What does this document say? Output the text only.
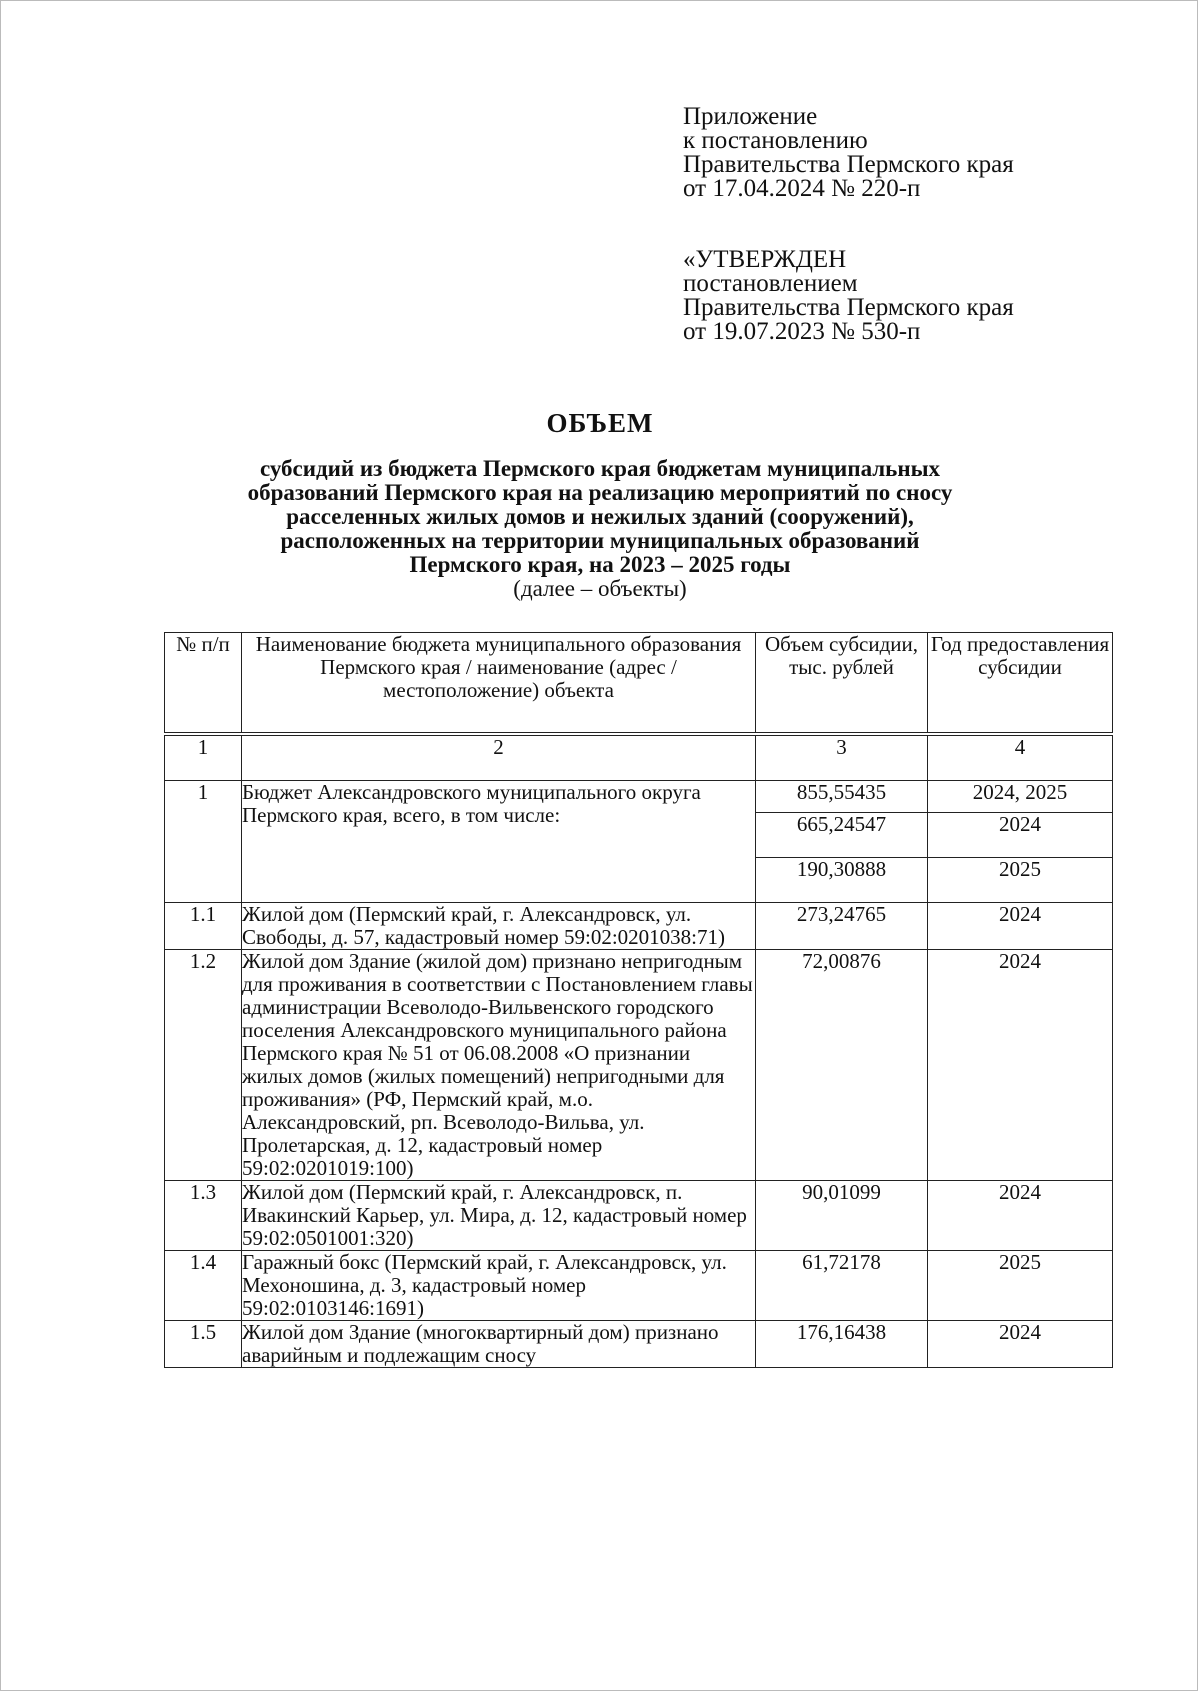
Приложение
к постановлению
Правительства Пермского края
от 17.04.2024 № 220-п
«УТВЕРЖДЕН
постановлением
Правительства Пермского края
от 19.07.2023 № 530-п
ОБЪЕМ
субсидий из бюджета Пермского края бюджетам муниципальных
образований Пермского края на реализацию мероприятий по сносу
расселенных жилых домов и нежилых зданий (сооружений),
расположенных на территории муниципальных образований
Пермского края, на 2023 – 2025 годы
(далее – объекты)
№ п/п	Наименование бюджета муниципального образования Пермского края / наименование (адрес / местоположение) объекта	Объем субсидии, тыс. рублей	Год предоставления субсидии
1	2	3	4
1	Бюджет Александровского муниципального округа Пермского края, всего, в том числе:	855,55435	2024, 2025
		665,24547	2024
		190,30888	2025
1.1	Жилой дом (Пермский край, г. Александровск, ул. Свободы, д. 57, кадастровый номер 59:02:0201038:71)	273,24765	2024
1.2	Жилой дом Здание (жилой дом) признано непригодным для проживания в соответствии с Постановлением главы администрации Всеволодо-Вильвенского городского поселения Александровского муниципального района Пермского края № 51 от 06.08.2008 «О признании жилых домов (жилых помещений) непригодными для проживания» (РФ, Пермский край, м.о. Александровский, рп. Всеволодо-Вильва, ул. Пролетарская, д. 12, кадастровый номер 59:02:0201019:100)	72,00876	2024
1.3	Жилой дом (Пермский край, г. Александровск, п. Ивакинский Карьер, ул. Мира, д. 12, кадастровый номер 59:02:0501001:320)	90,01099	2024
1.4	Гаражный бокс (Пермский край, г. Александровск, ул. Мехоношина, д. 3, кадастровый номер 59:02:0103146:1691)	61,72178	2025
1.5	Жилой дом Здание (многоквартирный дом) признано аварийным и подлежащим сносу	176,16438	2024
